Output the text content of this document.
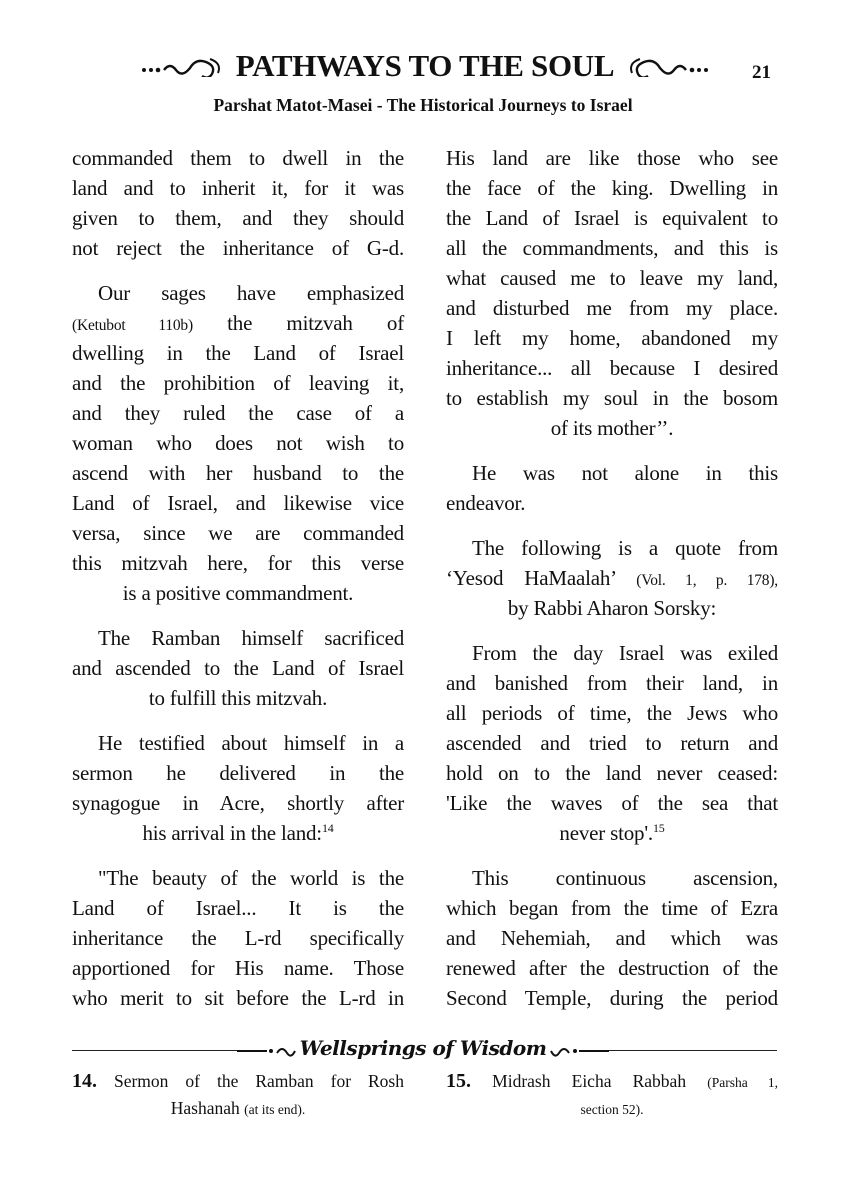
PATHWAYS TO THE SOUL	21
Parshat Matot-Masei - The Historical Journeys to Israel
commanded them to dwell in the
land and to inherit it, for it was
given to them, and they should
not reject the inheritance of G-d.
Our sages have emphasized
(Ketubot 110b) the mitzvah of
dwelling in the Land of Israel
and the prohibition of leaving it,
and they ruled the case of a
woman who does not wish to
ascend with her husband to the
Land of Israel, and likewise vice
versa, since we are commanded
this mitzvah here, for this verse
is a positive commandment.
The Ramban himself sacrificed
and ascended to the Land of Israel
to fulfill this mitzvah.
He testified about himself in a
sermon he delivered in the
synagogue in Acre, shortly after
his arrival in the land:$^{14}$
"The beauty of the world is the
Land of Israel... It is the
inheritance the L-rd specifically
apportioned for His name. Those
who merit to sit before the L-rd in
His land are like those who see
the face of the king. Dwelling in
the Land of Israel is equivalent to
all the commandments, and this is
what caused me to leave my land,
and disturbed me from my place.
I left my home, abandoned my
inheritance... all because I desired
to establish my soul in the bosom
of its mother’’.
He was not alone in this
endeavor.
The following is a quote from
‘Yesod HaMaalah’ (Vol. 1, p. 178),
by Rabbi Aharon Sorsky:
From the day Israel was exiled
and banished from their land, in
all periods of time, the Jews who
ascended and tried to return and
hold on to the land never ceased:
'Like the waves of the sea that
never stop'.$^{15}$
This continuous ascension,
which began from the time of Ezra
and Nehemiah, and which was
renewed after the destruction of the
Second Temple, during the period
Wellsprings of Wisdom
14. Sermon of the Ramban for Rosh
Hashanah (at its end).
15. Midrash Eicha Rabbah (Parsha 1,
section 52).
